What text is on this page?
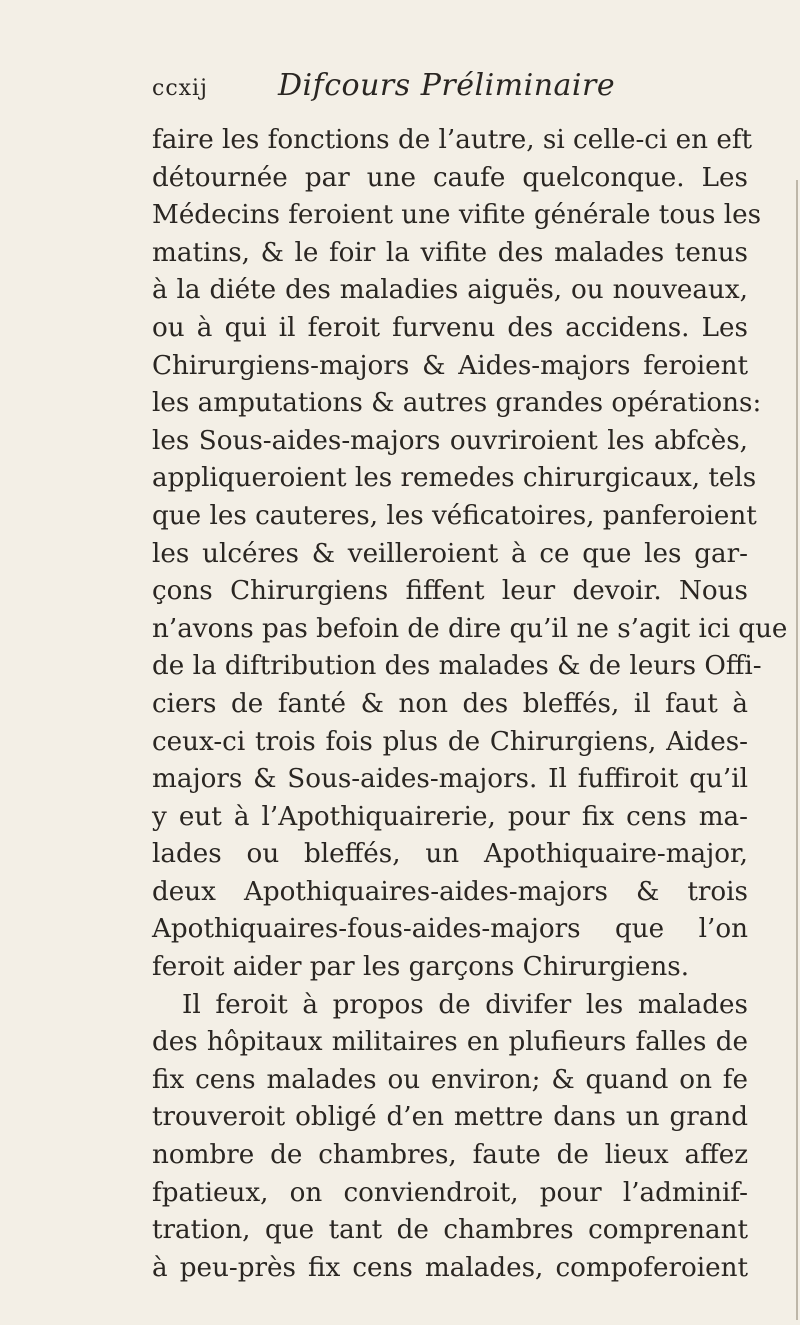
ccxij Difcours Préliminaire
faire les fonctions de l’autre, si celle-ci en eft
détournée par une caufe quelconque. Les
Médecins feroient une vifite générale tous les
matins, & le foir la vifite des malades tenus
à la diéte des maladies aiguës, ou nouveaux,
ou à qui il feroit furvenu des accidens. Les
Chirurgiens-majors & Aides-majors feroient
les amputations & autres grandes opérations:
les Sous-aides-majors ouvriroient les abfcès,
appliqueroient les remedes chirurgicaux, tels
que les cauteres, les véficatoires, panferoient
les ulcéres & veilleroient à ce que les gar-
çons Chirurgiens fiffent leur devoir. Nous
n’avons pas befoin de dire qu’il ne s’agit ici que
de la diftribution des malades & de leurs Offi-
ciers de fanté & non des bleffés, il faut à
ceux-ci trois fois plus de Chirurgiens, Aides-
majors & Sous-aides-majors. Il fuffiroit qu’il
y eut à l’Apothiquairerie, pour fix cens ma-
lades ou bleffés, un Apothiquaire-major,
deux Apothiquaires-aides-majors & trois
Apothiquaires-fous-aides-majors que l’on
feroit aider par les garçons Chirurgiens.
Il feroit à propos de divifer les malades
des hôpitaux militaires en plufieurs falles de
fix cens malades ou environ; & quand on fe
trouveroit obligé d’en mettre dans un grand
nombre de chambres, faute de lieux affez
fpatieux, on conviendroit, pour l’adminif-
tration, que tant de chambres comprenant
à peu-près fix cens malades, compoferoient
